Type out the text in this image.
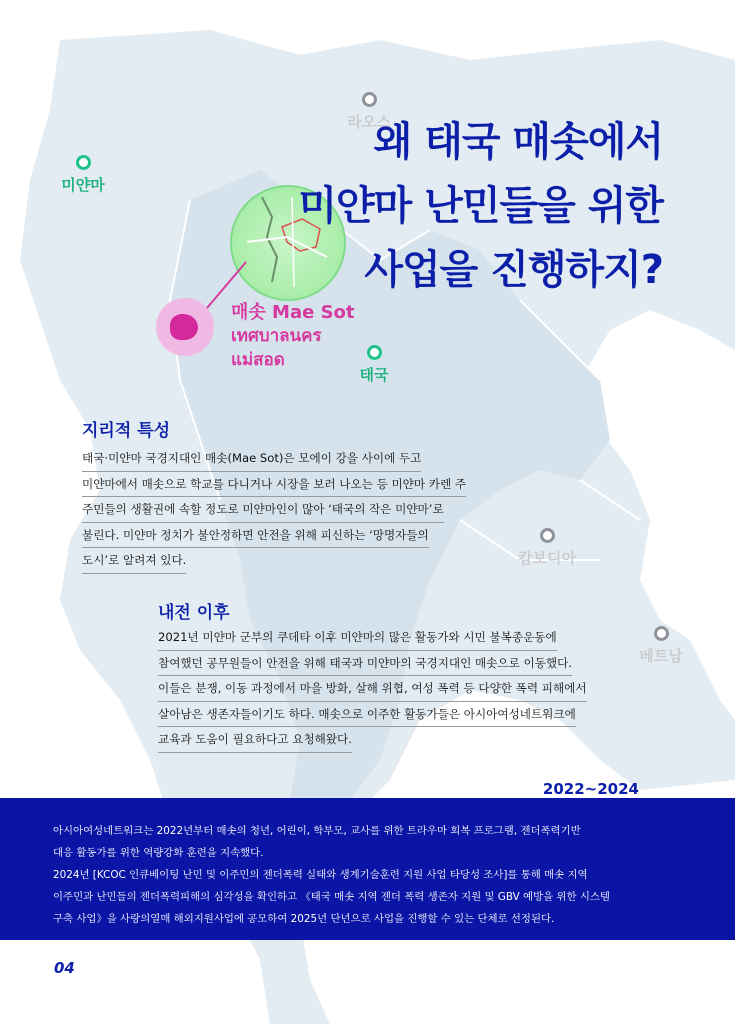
라오스
미얀마
태국
캄보디아
베트남
매솟 Mae Sot
เทศบาลนคร
แม่สอด
왜 태국 매솟에서
미얀마 난민들을 위한
사업을 진행하지?
지리적 특성
태국·미얀마 국경지대인 매솟(Mae Sot)은 모에이 강을 사이에 두고
미얀마에서 매솟으로 학교를 다니거나 시장을 보러 나오는 등 미얀마 카렌 주
주민들의 생활권에 속할 정도로 미얀마인이 많아 ‘태국의 작은 미얀마’로
불린다. 미얀마 정치가 불안정하면 안전을 위해 피신하는 ‘망명자들의
도시’로 알려져 있다.
내전 이후
2021년 미얀마 군부의 쿠데타 이후 미얀마의 많은 활동가와 시민 불복종운동에
참여했던 공무원들이 안전을 위해 태국과 미얀마의 국경지대인 매솟으로 이동했다.
이들은 분쟁, 이동 과정에서 마을 방화, 살해 위협, 여성 폭력 등 다양한 폭력 피해에서
살아남은 생존자들이기도 하다. 매솟으로 이주한 활동가들은 아시아여성네트워크에
교육과 도움이 필요하다고 요청해왔다.
2022~2024
아시아여성네트워크는 2022년부터 매솟의 청년, 어린이, 학부모, 교사를 위한 트라우마 회복 프로그램, 젠더폭력기반
대응 활동가를 위한 역량강화 훈련을 지속했다.
2024년 [KCOC 인큐베이팅 난민 및 이주민의 젠더폭력 실태와 생계기술훈련 지원 사업 타당성 조사]를 통해 매솟 지역
이주민과 난민들의 젠더폭력피해의 심각성을 확인하고 《태국 매솟 지역 젠더 폭력 생존자 지원 및 GBV 예방을 위한 시스템
구축 사업》을 사랑의열매 해외지원사업에 공모하여 2025년 단년으로 사업을 진행할 수 있는 단체로 선정된다.
04
